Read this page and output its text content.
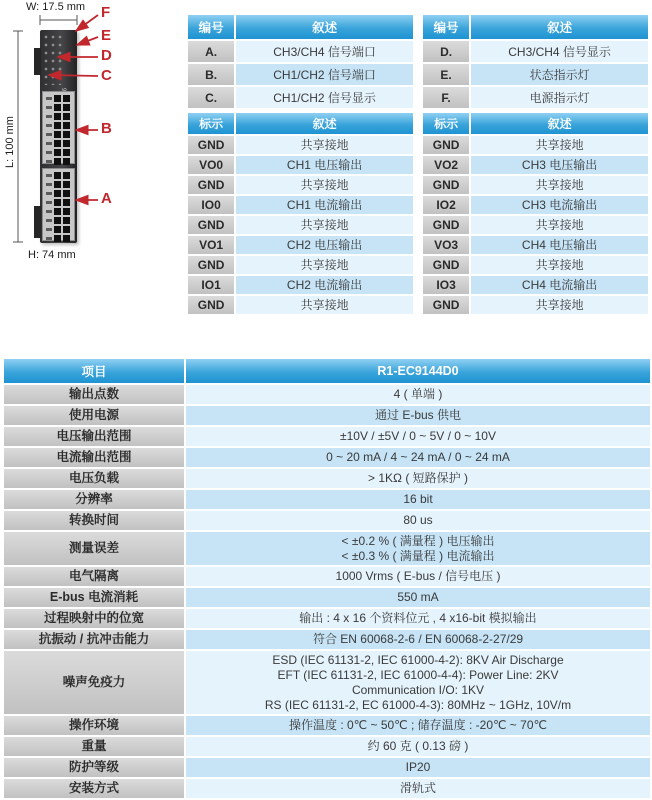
W: 17.5 mm
L: 100 mm
H: 74 mm
F
E
D
C
B
A
编号	叙述		编号	叙述
A.	CH3/CH4 信号端口		D.	CH3/CH4 信号显示
B.	CH1/CH2 信号端口		E.	状态指示灯
C.	CH1/CH2 信号显示		F.	电源指示灯
标示	叙述		标示	叙述
GND	共享接地		GND	共享接地
VO0	CH1 电压输出		VO2	CH3 电压输出
GND	共享接地		GND	共享接地
IO0	CH1 电流输出		IO2	CH3 电流输出
GND	共享接地		GND	共享接地
VO1	CH2 电压输出		VO3	CH4 电压输出
GND	共享接地		GND	共享接地
IO1	CH2 电流输出		IO3	CH4 电流输出
GND	共享接地		GND	共享接地
项目	R1-EC9144D0
输出点数	4 ( 单端 )
使用电源	通过 E-bus 供电
电压输出范围	±10V / ±5V / 0 ~ 5V / 0 ~ 10V
电流输出范围	0 ~ 20 mA / 4 ~ 24 mA / 0 ~ 24 mA
电压负载	> 1KΩ ( 短路保护 )
分辨率	16 bit
转换时间	80 us
测量误差	< ±0.2 % ( 满量程 ) 电压输出
< ±0.3 % ( 满量程 ) 电流输出

电气隔离	1000 Vrms ( E-bus / 信号电压 )
E-bus 电流消耗	550 mA
过程映射中的位宽	输出 : 4 x 16 个资料位元 , 4 x16-bit 模拟输出
抗振动 / 抗冲击能力	符合 EN 60068-2-6 / EN 60068-2-27/29
噪声免疫力	ESD (IEC 61131-2, IEC 61000-4-2): 8KV Air Discharge
EFT (IEC 61131-2, IEC 61000-4-4): Power Line: 2KV
Communication I/O: 1KV
RS (IEC 61131-2, EC 61000-4-3): 80MHz ~ 1GHz, 10V/m

操作环境	操作温度 : 0℃ ~ 50℃ ; 储存温度 : -20℃ ~ 70℃
重量	约 60 克 ( 0.13 磅 )
防护等级	IP20
安装方式	滑轨式
